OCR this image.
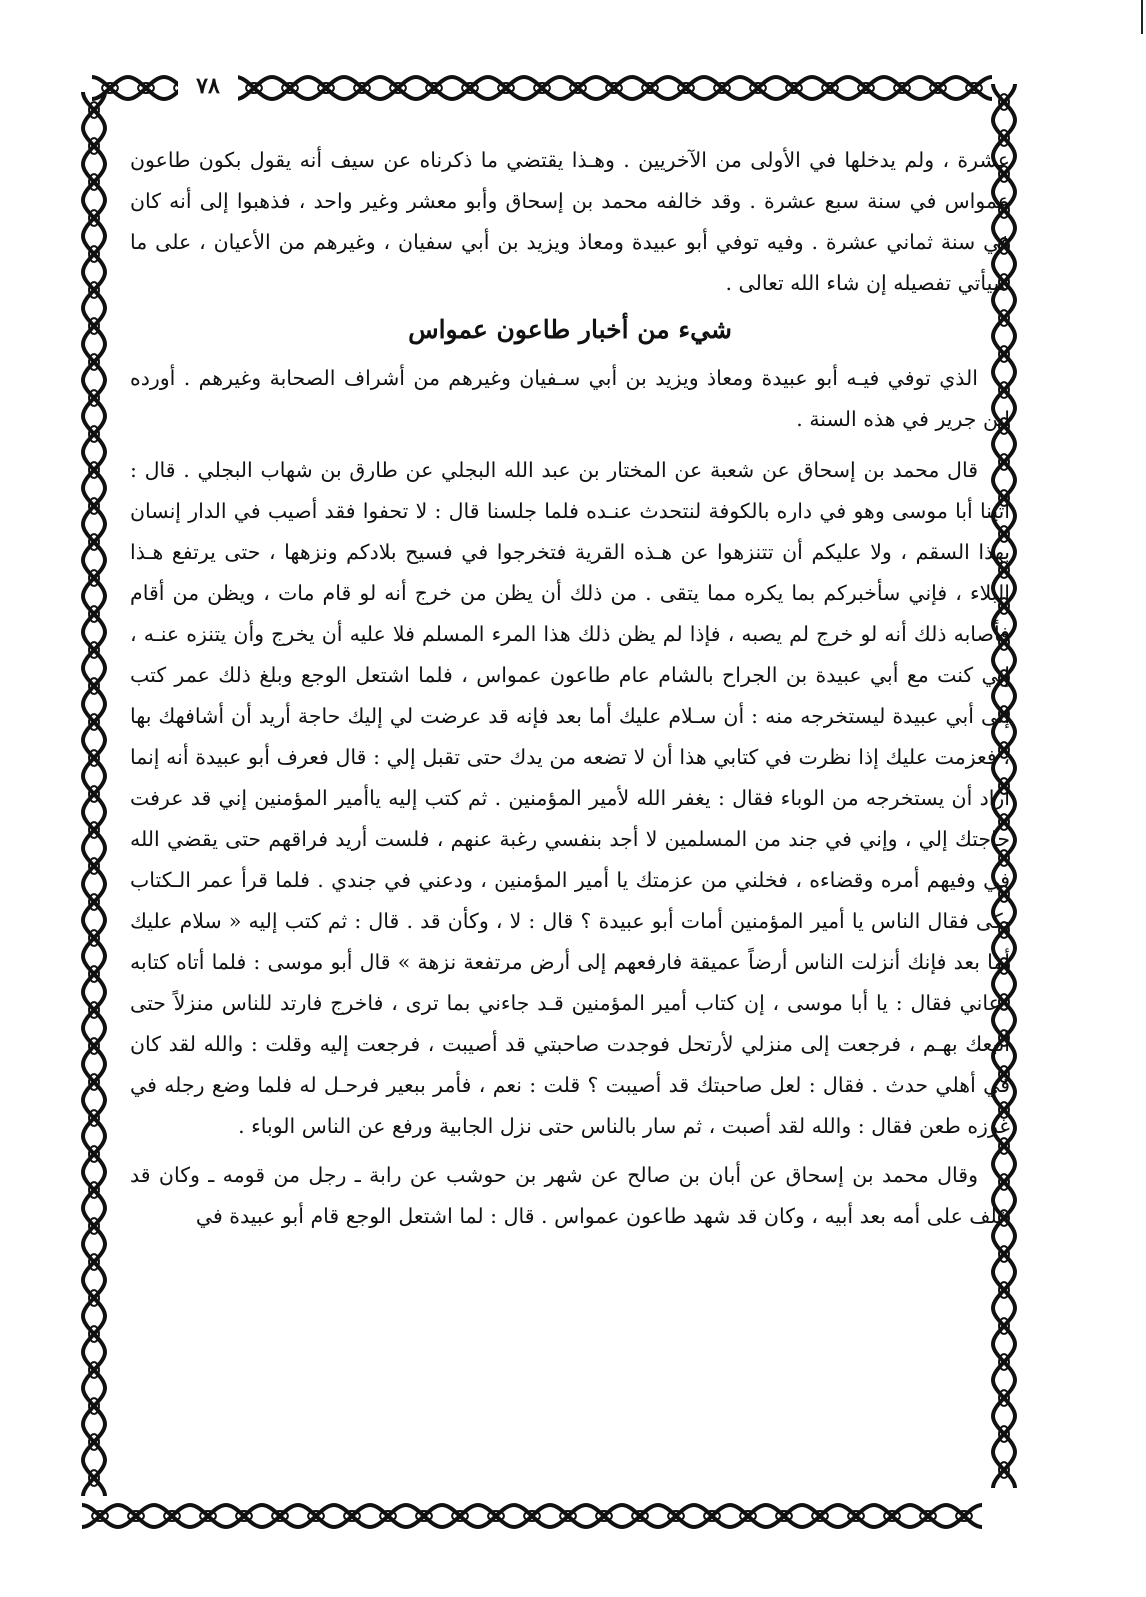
٧٨

عشرة ، ولم يدخلها في الأولى من الآخريين . وهـذا يقتضي ما ذكرناه عن سيف أنه يقول بكون طاعون عمواس في سنة سبع عشرة . وقد خالفه محمد بن إسحاق وأبو معشر وغير واحد ، فذهبوا إلى أنه كان في سنة ثماني عشرة . وفيه توفي أبو عبيدة ومعاذ ويزيد بن أبي سفيان ، وغيرهم من الأعيان ، على ما سيأتي تفصيله إن شاء الله تعالى .

شيء من أخبار طاعون عمواس

الذي توفي فيـه أبو عبيدة ومعاذ ويزيد بن أبي سـفيان وغيرهم من أشراف الصحابة وغيرهم . أورده ابن جرير في هذه السنة .

قال محمد بن إسحاق عن شعبة عن المختار بن عبد الله البجلي عن طارق بن شهاب البجلي . قال : أتينا أبا موسى وهو في داره بالكوفة لنتحدث عنـده فلما جلسنا قال : لا تحفوا فقد أصيب في الدار إنسان بهذا السقم ، ولا عليكم أن تتنزهوا عن هـذه القرية فتخرجوا في فسيح بلادكم ونزهها ، حتى يرتفع هـذا البلاء ، فإني سأخبركم بما يكره مما يتقى . من ذلك أن يظن من خرج أنه لو قام مات ، ويظن من أقام فأصابه ذلك أنه لو خرج لم يصبه ، فإذا لم يظن ذلك هذا المرء المسلم فلا عليه أن يخرج وأن يتنزه عنـه ، إني كنت مع أبي عبيدة بن الجراح بالشام عام طاعون عمواس ، فلما اشتعل الوجع وبلغ ذلك عمر كتب إلى أبي عبيدة ليستخرجه منه : أن سـلام عليك أما بعد فإنه قد عرضت لي إليك حاجة أريد أن أشافهك بها ، فعزمت عليك إذا نظرت في كتابي هذا أن لا تضعه من يدك حتى تقبل إلي : قال فعرف أبو عبيدة أنه إنما أراد أن يستخرجه من الوباء فقال : يغفر الله لأمير المؤمنين . ثم كتب إليه ياأمير المؤمنين إني قد عرفت حاجتك إلي ، وإني في جند من المسلمين لا أجد بنفسي رغبة عنهم ، فلست أريد فراقهم حتى يقضي الله في وفيهم أمره وقضاءه ، فخلني من عزمتك يا أمير المؤمنين ، ودعني في جندي . فلما قرأ عمر الـكتاب بكى فقال الناس يا أمير المؤمنين أمات أبو عبيدة ؟ قال : لا ، وكأن قد . قال : ثم كتب إليه « سلام عليك أما بعد فإنك أنزلت الناس أرضاً عميقة فارفعهم إلى أرض مرتفعة نزهة » قال أبو موسى : فلما أتاه كتابه دعاني فقال : يا أبا موسى ، إن كتاب أمير المؤمنين قـد جاءني بما ترى ، فاخرج فارتد للناس منزلاً حتى أتبعك بهـم ، فرجعت إلى منزلي لأرتحل فوجدت صاحبتي قد أصيبت ، فرجعت إليه وقلت : والله لقد كان في أهلي حدث . فقال : لعل صاحبتك قد أصيبت ؟ قلت : نعم ، فأمر ببعير فرحـل له فلما وضع رجله في غرزه طعن فقال : والله لقد أصبت ، ثم سار بالناس حتى نزل الجابية ورفع عن الناس الوباء .

وقال محمد بن إسحاق عن أبان بن صالح عن شهر بن حوشب عن رابة ـ رجل من قومه ـ وكان قد خلف على أمه بعد أبيه ، وكان قد شهد طاعون عمواس . قال : لما اشتعل الوجع قام أبو عبيدة في
